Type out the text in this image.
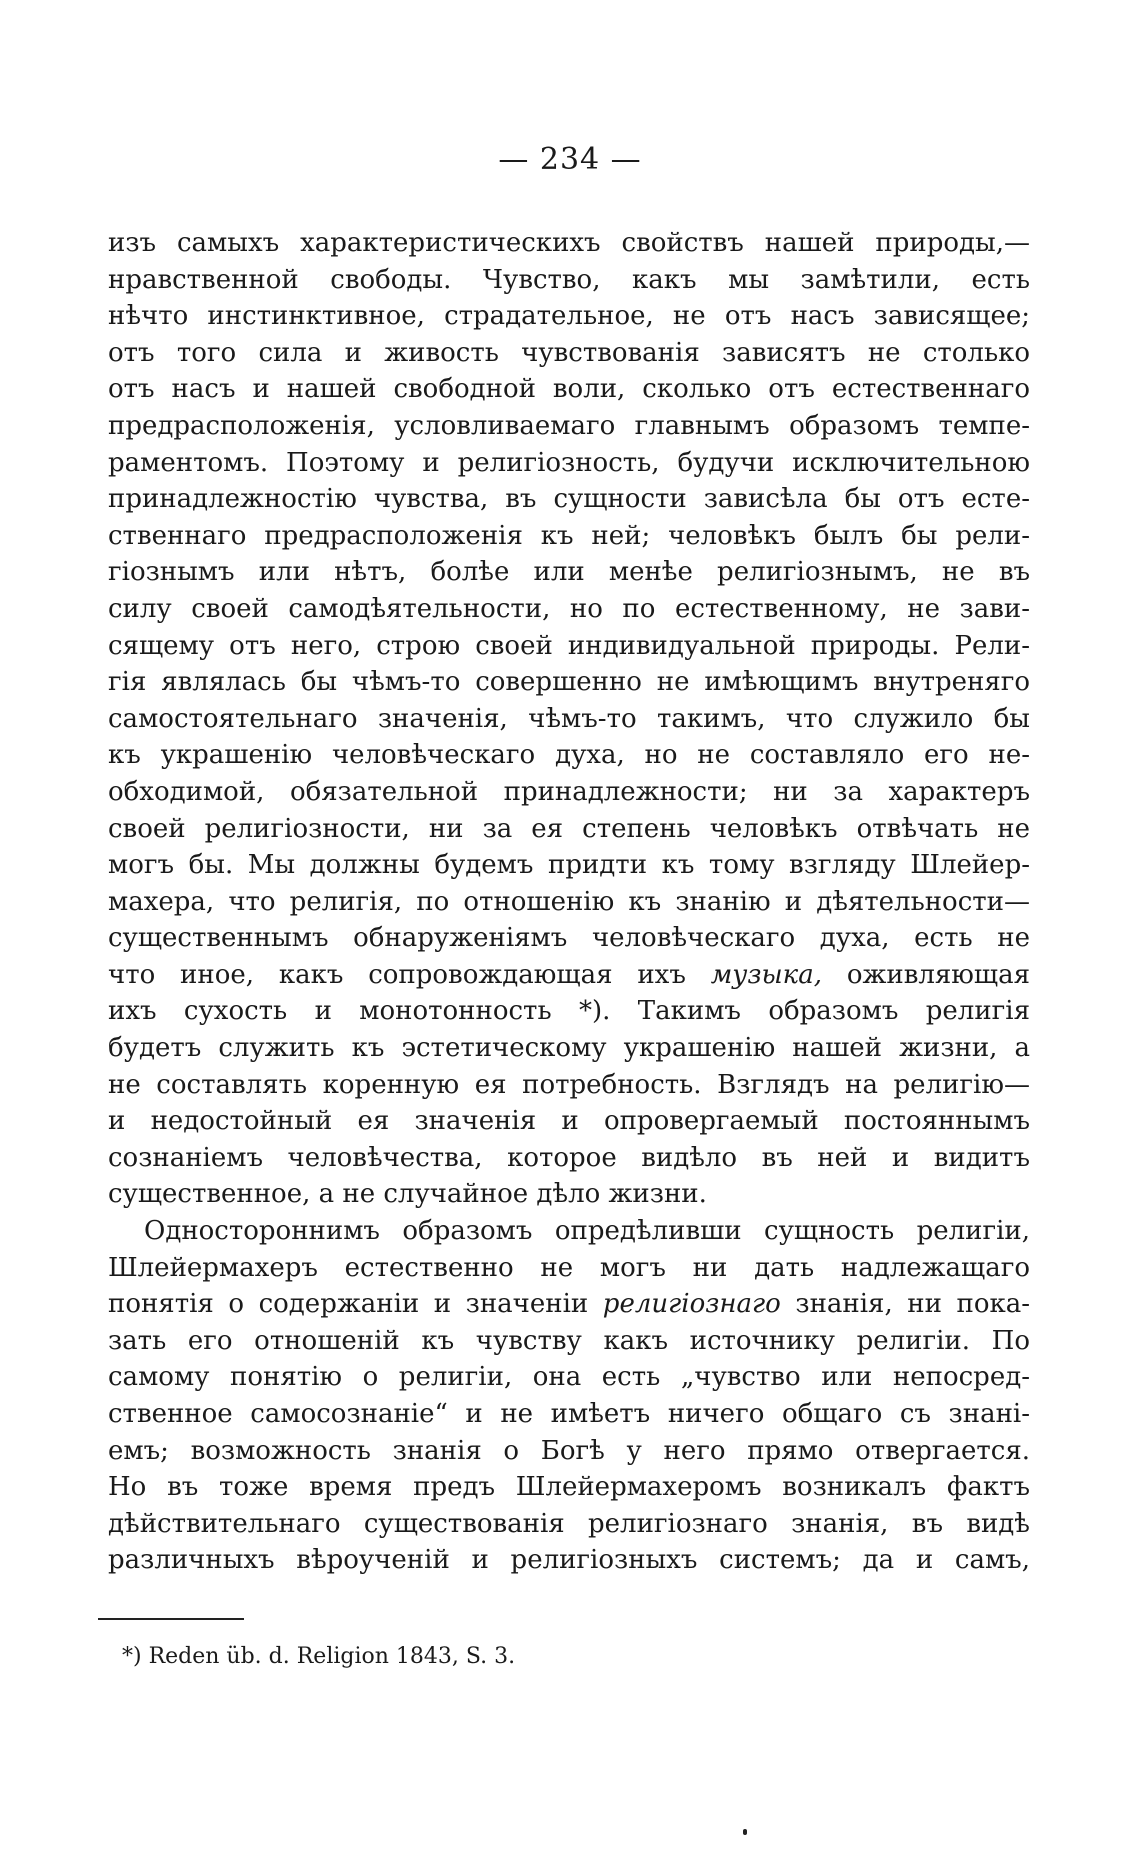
— 234 —
изъ самыхъ характеристическихъ свойствъ нашей природы,—
нравственной свободы. Чувство, какъ мы замѣтили, есть
нѣчто инстинктивное, страдательное, не отъ насъ зависящее;
отъ того сила и живость чувствованія зависятъ не столько
отъ насъ и нашей свободной воли, сколько отъ естественнаго
предрасположенія, условливаемаго главнымъ образомъ темпе-
раментомъ. Поэтому и религіозность, будучи исключительною
принадлежностію чувства, въ сущности зависѣла бы отъ есте-
ственнаго предрасположенія къ ней; человѣкъ былъ бы рели-
гіознымъ или нѣтъ, болѣе или менѣе религіознымъ, не въ
силу своей самодѣятельности, но по естественному, не зави-
сящему отъ него, строю своей индивидуальной природы. Рели-
гія являлась бы чѣмъ-то совершенно не имѣющимъ внутреняго
самостоятельнаго значенія, чѣмъ-то такимъ, что служило бы
къ украшенію человѣческаго духа, но не составляло его не-
обходимой, обязательной принадлежности; ни за характеръ
своей религіозности, ни за ея степень человѣкъ отвѣчать не
могъ бы. Мы должны будемъ придти къ тому взгляду Шлейер-
махера, что религія, по отношенію къ знанію и дѣятельности—
существеннымъ обнаруженіямъ человѣческаго духа, есть не
что иное, какъ сопровождающая ихъ музыка, оживляющая
ихъ сухость и монотонность *). Такимъ образомъ религія
будетъ служить къ эстетическому украшенію нашей жизни, а
не составлять коренную ея потребность. Взглядъ на религію—
и недостойный ея значенія и опровергаемый постояннымъ
сознаніемъ человѣчества, которое видѣло въ ней и видитъ
существенное, а не случайное дѣло жизни.
Одностороннимъ образомъ опредѣливши сущность религіи,
Шлейермахеръ естественно не могъ ни дать надлежащаго
понятія о содержаніи и значеніи религіознаго знанія, ни пока-
зать его отношеній къ чувству какъ источнику религіи. По
самому понятію о религіи, она есть „чувство или непосред-
ственное самосознаніе“ и не имѣетъ ничего общаго съ знані-
емъ; возможность знанія о Богѣ у него прямо отвергается.
Но въ тоже время предъ Шлейермахеромъ возникалъ фактъ
дѣйствительнаго существованія религіознаго знанія, въ видѣ
различныхъ вѣроученій и религіозныхъ системъ; да и самъ,
*) Reden üb. d. Religion 1843, S. 3.
